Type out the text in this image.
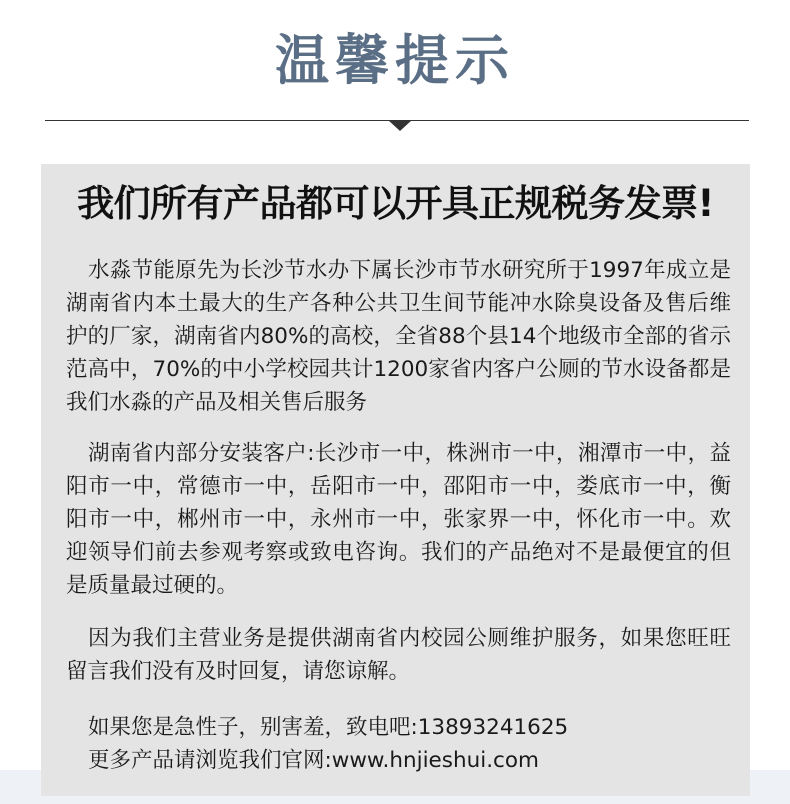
温馨提示
我们所有产品都可以开具正规税务发票!

水淼节能原先为长沙节水办下属长沙市节水研究所于1997年成立是湖南省内本土最大的生产各种公共卫生间节能冲水除臭设备及售后维护的厂家，湖南省内80%的高校，全省88个县14个地级市全部的省示范高中，70%的中小学校园共计1200家省内客户公厕的节水设备都是我们水淼的产品及相关售后服务

湖南省内部分安装客户:长沙市一中，株洲市一中，湘潭市一中，益阳市一中，常德市一中，岳阳市一中，邵阳市一中，娄底市一中，衡阳市一中，郴州市一中，永州市一中，张家界一中，怀化市一中。欢迎领导们前去参观考察或致电咨询。我们的产品绝对不是最便宜的但是质量最过硬的。

因为我们主营业务是提供湖南省内校园公厕维护服务，如果您旺旺留言我们没有及时回复，请您谅解。

如果您是急性子，别害羞，致电吧:13893241625
更多产品请浏览我们官网:www.hnjieshui.com
